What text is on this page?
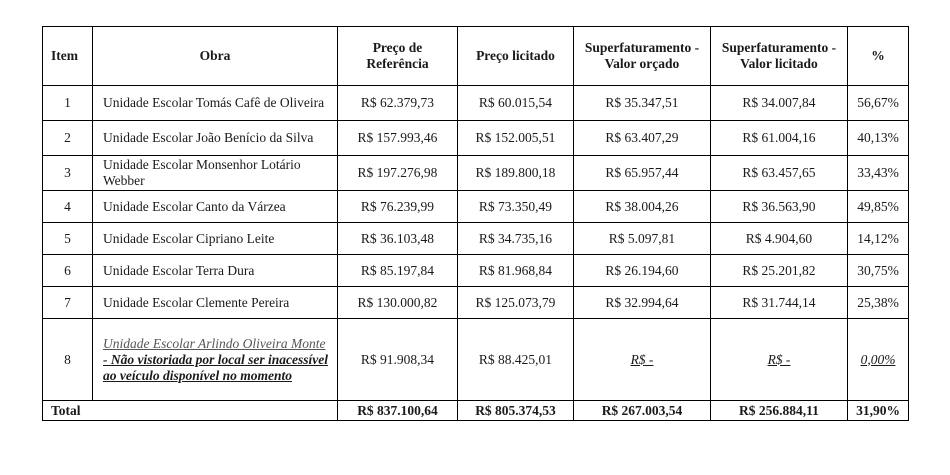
Item	Obra	Preço de Referência	Preço licitado	Superfaturamento - Valor orçado	Superfaturamento - Valor licitado	%
1	Unidade Escolar Tomás Cafê de Oliveira	R$ 62.379,73	R$ 60.015,54	R$ 35.347,51	R$ 34.007,84	56,67%
2	Unidade Escolar João Benício da Silva	R$ 157.993,46	R$ 152.005,51	R$ 63.407,29	R$ 61.004,16	40,13%
3	Unidade Escolar Monsenhor Lotário Webber	R$ 197.276,98	R$ 189.800,18	R$ 65.957,44	R$ 63.457,65	33,43%
4	Unidade Escolar Canto da Várzea	R$ 76.239,99	R$ 73.350,49	R$ 38.004,26	R$ 36.563,90	49,85%
5	Unidade Escolar Cipriano Leite	R$ 36.103,48	R$ 34.735,16	R$ 5.097,81	R$ 4.904,60	14,12%
6	Unidade Escolar Terra Dura	R$ 85.197,84	R$ 81.968,84	R$ 26.194,60	R$ 25.201,82	30,75%
7	Unidade Escolar Clemente Pereira	R$ 130.000,82	R$ 125.073,79	R$ 32.994,64	R$ 31.744,14	25,38%
8	Unidade Escolar Arlindo Oliveira Monte - Não vistoriada por local ser inacessível ao veículo disponível no momento	R$ 91.908,34	R$ 88.425,01	R$ -	R$ -	0,00%
Total		R$ 837.100,64	R$ 805.374,53	R$ 267.003,54	R$ 256.884,11	31,90%
